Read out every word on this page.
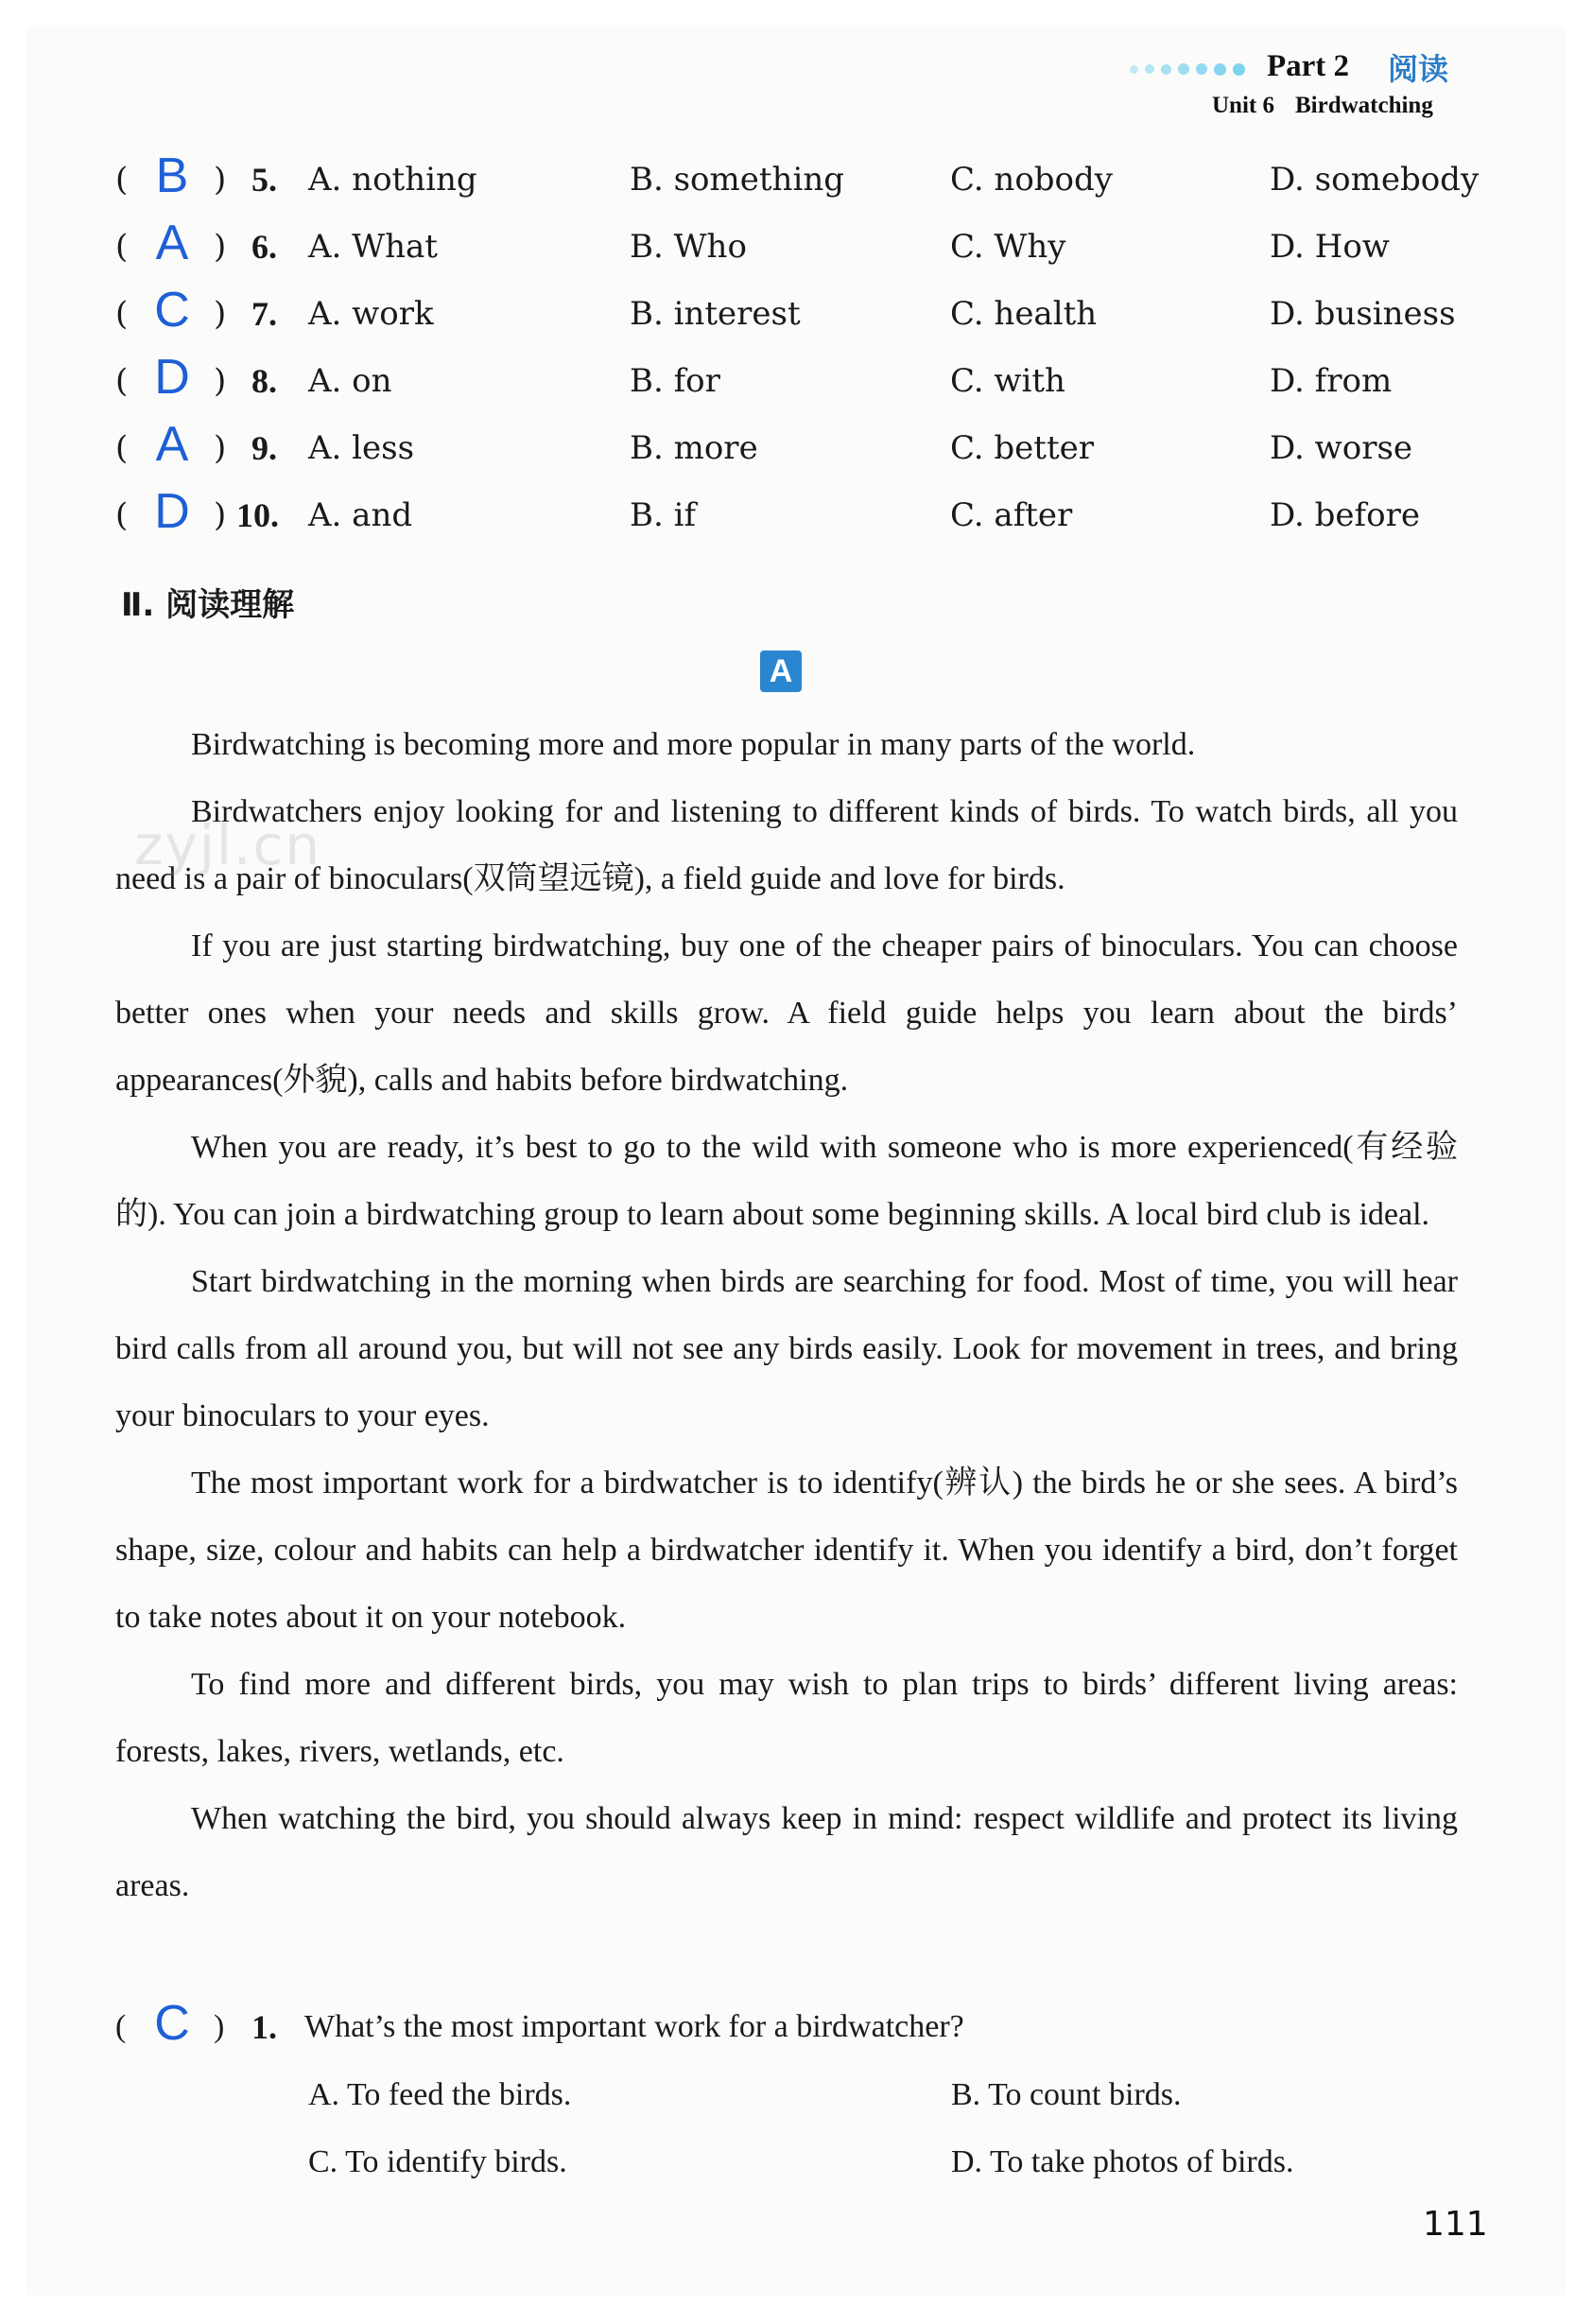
Part 2 阅读
Unit 6 Birdwatching
( B ) 5. A. nothing	B. something	C. nobody	D. somebody
( A ) 6. A. What	B. Who	C. Why	D. How
( C ) 7. A. work	B. interest	C. health	D. business
( D ) 8. A. on	B. for	C. with	D. from
( A ) 9. A. less	B. more	C. better	D. worse
( D ) 10. A. and	B. if	C. after	D. before
Ⅱ. 阅读理解
A

Birdwatching is becoming more and more popular in many parts of the world.

Birdwatchers enjoy looking for and listening to different kinds of birds. To watch birds, all you need is a pair of binoculars(双筒望远镜), a field guide and love for birds.

If you are just starting birdwatching, buy one of the cheaper pairs of binoculars. You can choose better ones when your needs and skills grow. A field guide helps you learn about the birds’ appearances(外貌), calls and habits before birdwatching.

When you are ready, it’s best to go to the wild with someone who is more experienced(有经验的). You can join a birdwatching group to learn about some beginning skills. A local bird club is ideal.

Start birdwatching in the morning when birds are searching for food. Most of time, you will hear bird calls from all around you, but will not see any birds easily. Look for movement in trees, and bring your binoculars to your eyes.

The most important work for a birdwatcher is to identify(辨认) the birds he or she sees. A bird’s shape, size, colour and habits can help a birdwatcher identify it. When you identify a bird, don’t forget to take notes about it on your notebook.

To find more and different birds, you may wish to plan trips to birds’ different living areas: forests, lakes, rivers, wetlands, etc.

When watching the bird, you should always keep in mind: respect wildlife and protect its living areas.

zyjl.cn
( C ) 1. What’s the most important work for a birdwatcher?
A. To feed the birds.	B. To count birds.
C. To identify birds.	D. To take photos of birds.
111
